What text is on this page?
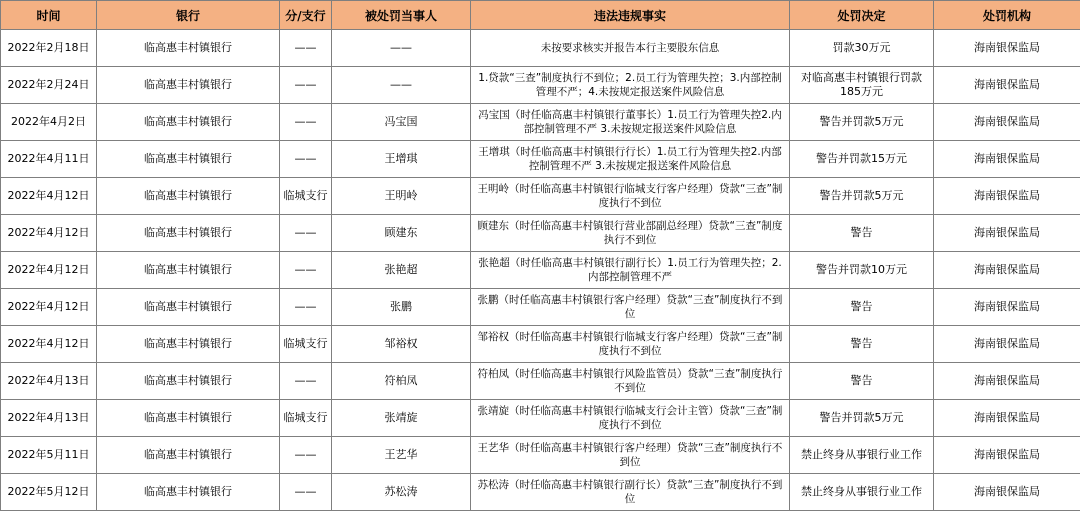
时间	银行	分/支行	被处罚当事人	违法违规事实	处罚决定	处罚机构
2022年2月18日	临高惠丰村镇银行	——	——	未按要求核实并报告本行主要股东信息	罚款30万元	海南银保监局
2022年2月24日	临高惠丰村镇银行	——	——	1.贷款“三查”制度执行不到位；2.员工行为管理失控；3.内部控制管理不严；4.未按规定报送案件风险信息	对临高惠丰村镇银行罚款185万元	海南银保监局
2022年4月2日	临高惠丰村镇银行	——	冯宝国	冯宝国（时任临高惠丰村镇银行董事长）1.员工行为管理失控2.内部控制管理不严 3.未按规定报送案件风险信息	警告并罚款5万元	海南银保监局
2022年4月11日	临高惠丰村镇银行	——	王增琪	王增琪（时任临高惠丰村镇银行行长）1.员工行为管理失控2.内部控制管理不严 3.未按规定报送案件风险信息	警告并罚款15万元	海南银保监局
2022年4月12日	临高惠丰村镇银行	临城支行	王明岭	王明岭（时任临高惠丰村镇银行临城支行客户经理）贷款“三查”制度执行不到位	警告并罚款5万元	海南银保监局
2022年4月12日	临高惠丰村镇银行	——	顾建东	顾建东（时任临高惠丰村镇银行营业部副总经理）贷款“三查”制度执行不到位	警告	海南银保监局
2022年4月12日	临高惠丰村镇银行	——	张艳超	张艳超（时任临高惠丰村镇银行副行长）1.员工行为管理失控；2.内部控制管理不严	警告并罚款10万元	海南银保监局
2022年4月12日	临高惠丰村镇银行	——	张鹏	张鹏（时任临高惠丰村镇银行客户经理）贷款“三查”制度执行不到位	警告	海南银保监局
2022年4月12日	临高惠丰村镇银行	临城支行	邹裕权	邹裕权（时任临高惠丰村镇银行临城支行客户经理）贷款“三查”制度执行不到位	警告	海南银保监局
2022年4月13日	临高惠丰村镇银行	——	符柏凤	符柏凤（时任临高惠丰村镇银行风险监管员）贷款“三查”制度执行不到位	警告	海南银保监局
2022年4月13日	临高惠丰村镇银行	临城支行	张靖旋	张靖旋（时任临高惠丰村镇银行临城支行会计主管）贷款“三查”制度执行不到位	警告并罚款5万元	海南银保监局
2022年5月11日	临高惠丰村镇银行	——	王艺华	王艺华（时任临高惠丰村镇银行客户经理）贷款“三查”制度执行不到位	禁止终身从事银行业工作	海南银保监局
2022年5月12日	临高惠丰村镇银行	——	苏松涛	苏松涛（时任临高惠丰村镇银行副行长）贷款“三查”制度执行不到位	禁止终身从事银行业工作	海南银保监局
